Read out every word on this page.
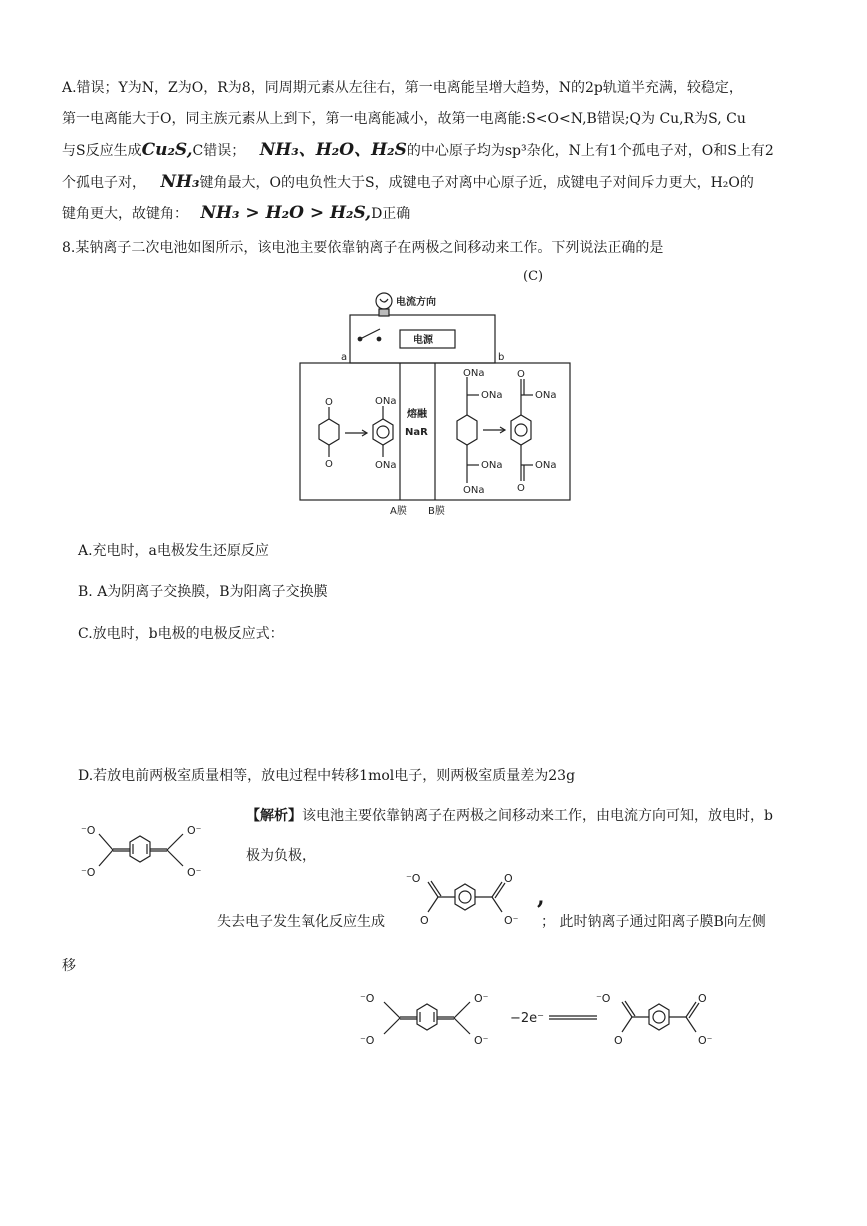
A.错误；Y为N，Z为O，R为8，同周期元素从左往右，第一电离能呈增大趋势，N的2p轨道半充满，较稳定，
第一电离能大于O，同主族元素从上到下，第一电离能减小，故第一电离能:S<O<N,B错误;Q为 Cu,R为S, Cu
与S反应生成Cu₂S,C错误； NH₃、H₂O、H₂S的中心原子均为sp³杂化，N上有1个孤电子对，O和S上有2
个孤电子对， NH₃键角最大，O的电负性大于S，成键电子对离中心原子近，成键电子对间斥力更大，H₂O的
键角更大，故键角： NH₃ > H₂O > H₂S,D正确
8.某钠离子二次电池如图所示，该电池主要依靠钠离子在两极之间移动来工作。下列说法正确的是
(C)
电流方向
电源
a	b
熔融
NaR
A膜 B膜
O
O
ONa
ONa
ONa
ONa
ONa
ONa
O
ONa
ONa
O
A.充电时，a电极发生还原反应
B. A为阴离子交换膜，B为阳离子交换膜
C.放电时，b电极的电极反应式：
D.若放电前两极室质量相等，放电过程中转移1mol电子，则两极室质量差为23g
⁻O
⁻O
O⁻
O⁻
【解析】该电池主要依靠钠离子在两极之间移动来工作，由电流方向可知，放电时，b
极为负极，
⁻O
O
O
O⁻
,
失去电子发生氧化反应生成	； 此时钠离子通过阳离子膜B向左侧
移
⁻O
⁻O
O⁻
O⁻
−2e⁻
⁻O
O
O
O⁻
